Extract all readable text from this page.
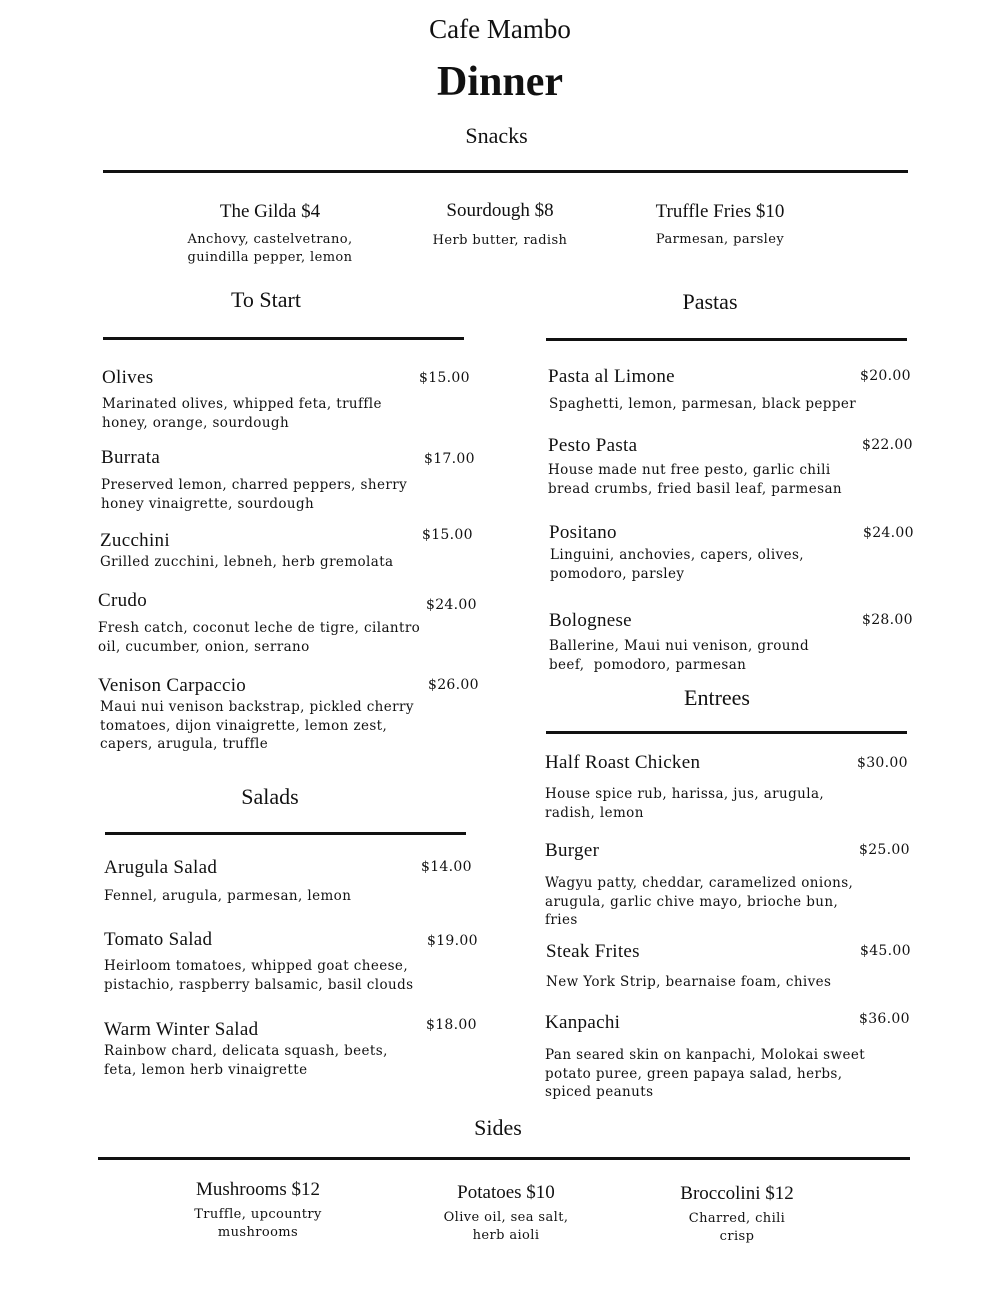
Cafe Mambo
Dinner
Snacks
The Gilda $4
Anchovy, castelvetrano,
guindilla pepper, lemon
Sourdough $8
Herb butter, radish
Truffle Fries $10
Parmesan, parsley
To Start
Olives
Marinated olives, whipped feta, truffle
honey, orange, sourdough
$15.00
Burrata
Preserved lemon, charred peppers, sherry
honey vinaigrette, sourdough
$17.00
Zucchini
Grilled zucchini, lebneh, herb gremolata
$15.00
Crudo
Fresh catch, coconut leche de tigre, cilantro
oil, cucumber, onion, serrano
$24.00
Venison Carpaccio
Maui nui venison backstrap, pickled cherry
tomatoes, dijon vinaigrette, lemon zest,
capers, arugula, truffle
$26.00
Salads
Arugula Salad
Fennel, arugula, parmesan, lemon
$14.00
Tomato Salad
Heirloom tomatoes, whipped goat cheese,
pistachio, raspberry balsamic, basil clouds
$19.00
Warm Winter Salad
Rainbow chard, delicata squash, beets,
feta, lemon herb vinaigrette
$18.00
Pastas
Pasta al Limone
Spaghetti, lemon, parmesan, black pepper
$20.00
Pesto Pasta
House made nut free pesto, garlic chili
bread crumbs, fried basil leaf, parmesan
$22.00
Positano
Linguini, anchovies, capers, olives,
pomodoro, parsley
$24.00
Bolognese
Ballerine, Maui nui venison, ground
beef,  pomodoro, parmesan
$28.00
Entrees
Half Roast Chicken
House spice rub, harissa, jus, arugula,
radish, lemon
$30.00
Burger
Wagyu patty, cheddar, caramelized onions,
arugula, garlic chive mayo, brioche bun,
fries
$25.00
Steak Frites
New York Strip, bearnaise foam, chives
$45.00
Kanpachi
Pan seared skin on kanpachi, Molokai sweet
potato puree, green papaya salad, herbs,
spiced peanuts
$36.00
Sides
Mushrooms $12
Truffle, upcountry
mushrooms
Potatoes $10
Olive oil, sea salt,
herb aioli
Broccolini $12
Charred, chili
crisp
